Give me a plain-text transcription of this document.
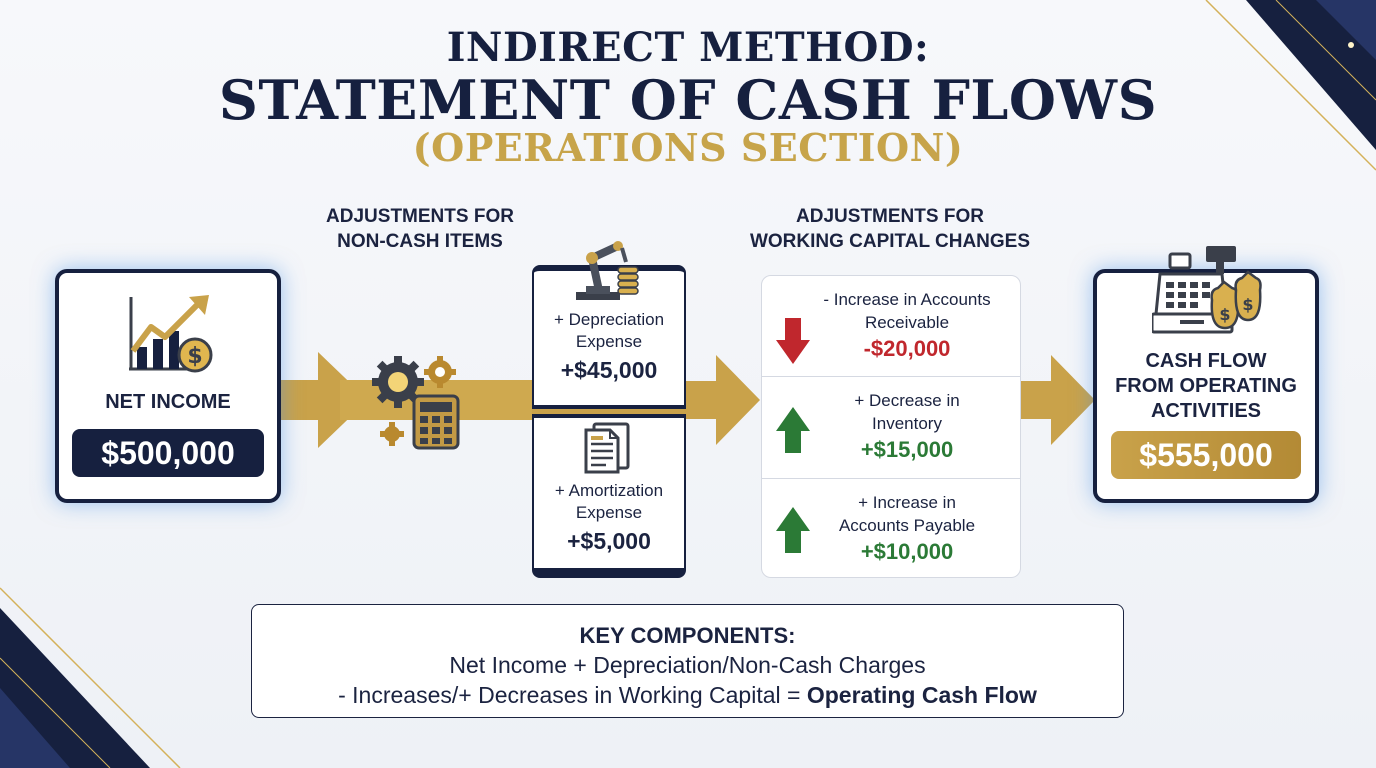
INDIRECT METHOD:
STATEMENT OF CASH FLOWS
(OPERATIONS SECTION)
ADJUSTMENTS FOR
NON-CASH ITEMS
ADJUSTMENTS FOR
WORKING CAPITAL CHANGES
$
NET INCOME
$500,000
+ Depreciation
Expense
+$45,000
+ Amortization
Expense
+$5,000
- Increase in Accounts
Receivable
-$20,000
+ Decrease in
Inventory
+$15,000
+ Increase in
Accounts Payable
+$10,000
CASH FLOW
FROM OPERATING
ACTIVITIES
$555,000
$
$
KEY COMPONENTS:
Net Income + Depreciation/Non-Cash Charges
- Increases/+ Decreases in Working Capital = Operating Cash Flow
